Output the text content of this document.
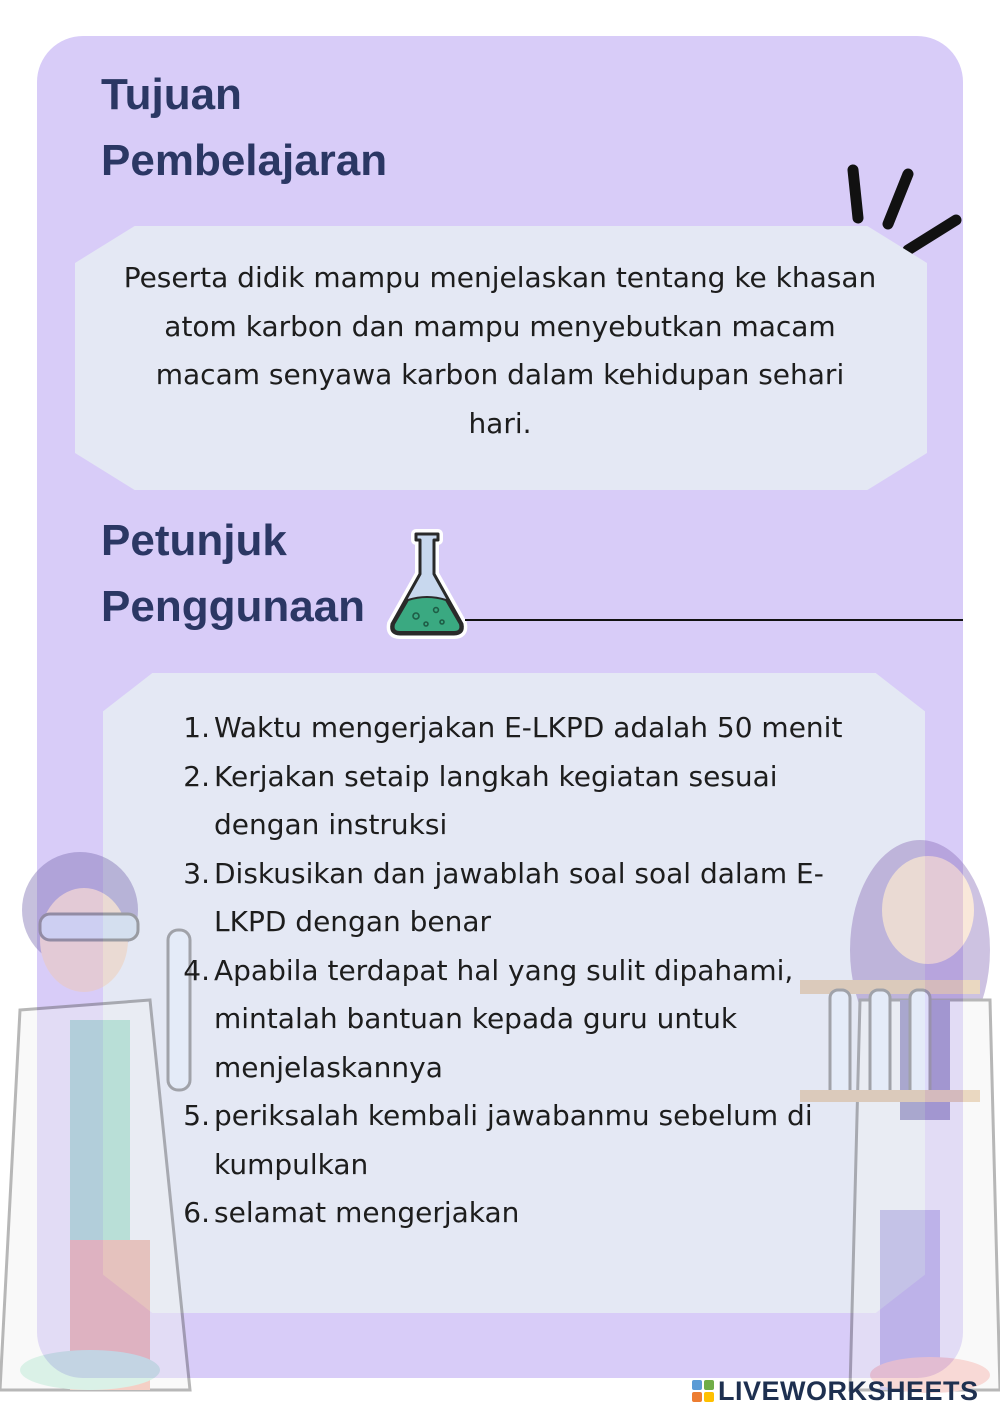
Tujuan
Pembelajaran

Peserta didik mampu menjelaskan tentang ke khasan atom karbon dan mampu menyebutkan macam macam senyawa karbon dalam kehidupan sehari hari.

Petunjuk
Penggunaan
1. Waktu mengerjakan E-LKPD adalah 50 menit
2. Kerjakan setaip langkah kegiatan sesuai dengan instruksi
3. Diskusikan dan jawablah soal soal dalam E-LKPD dengan benar
4. Apabila terdapat hal yang sulit dipahami, mintalah bantuan kepada guru untuk menjelaskannya
5. periksalah kembali jawabanmu sebelum di kumpulkan
6. selamat mengerjakan
LIVEWORKSHEETS
